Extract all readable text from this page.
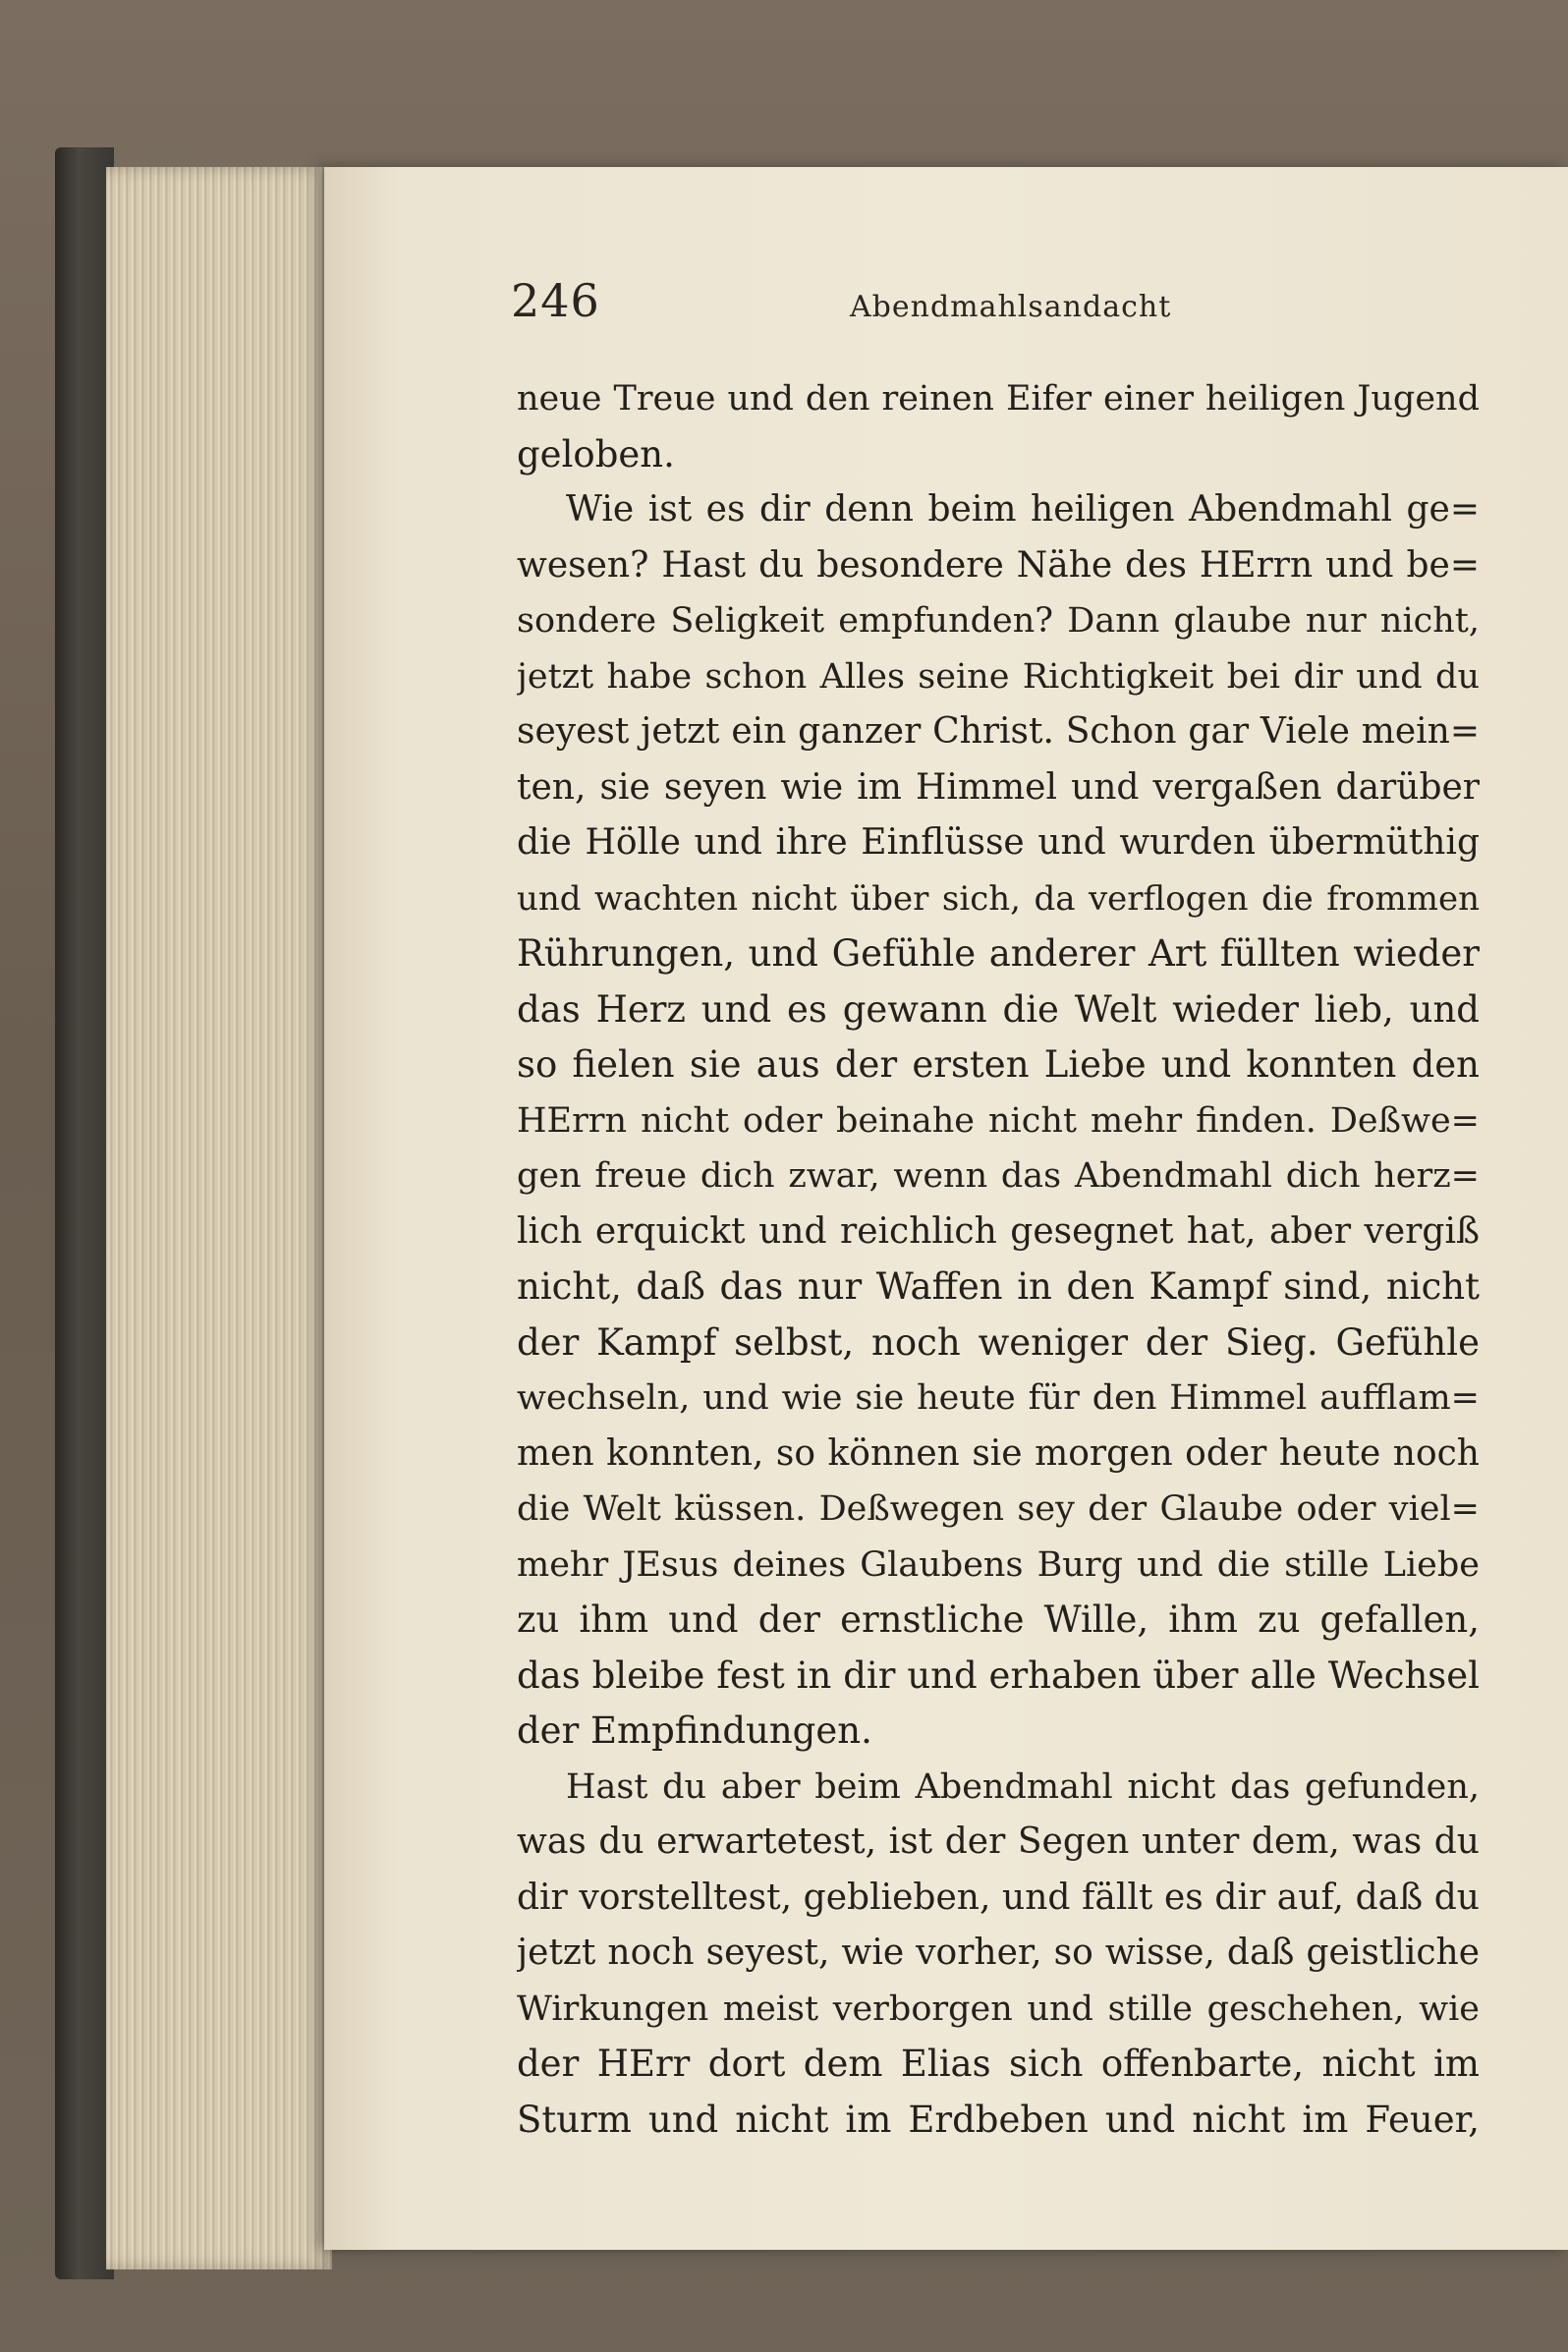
246	Abendmahlsandacht
neue Treue und den reinen Eifer einer heiligen Jugend
geloben.
Wie ist es dir denn beim heiligen Abendmahl ge=
wesen? Hast du besondere Nähe des HErrn und be=
sondere Seligkeit empfunden? Dann glaube nur nicht,
jetzt habe schon Alles seine Richtigkeit bei dir und du
seyest jetzt ein ganzer Christ. Schon gar Viele mein=
ten, sie seyen wie im Himmel und vergaßen darüber
die Hölle und ihre Einflüsse und wurden übermüthig
und wachten nicht über sich, da verflogen die frommen
Rührungen, und Gefühle anderer Art füllten wieder
das Herz und es gewann die Welt wieder lieb, und
so fielen sie aus der ersten Liebe und konnten den
HErrn nicht oder beinahe nicht mehr finden. Deßwe=
gen freue dich zwar, wenn das Abendmahl dich herz=
lich erquickt und reichlich gesegnet hat, aber vergiß
nicht, daß das nur Waffen in den Kampf sind, nicht
der Kampf selbst, noch weniger der Sieg. Gefühle
wechseln, und wie sie heute für den Himmel aufflam=
men konnten, so können sie morgen oder heute noch
die Welt küssen. Deßwegen sey der Glaube oder viel=
mehr JEsus deines Glaubens Burg und die stille Liebe
zu ihm und der ernstliche Wille, ihm zu gefallen,
das bleibe fest in dir und erhaben über alle Wechsel
der Empfindungen.
Hast du aber beim Abendmahl nicht das gefunden,
was du erwartetest, ist der Segen unter dem, was du
dir vorstelltest, geblieben, und fällt es dir auf, daß du
jetzt noch seyest, wie vorher, so wisse, daß geistliche
Wirkungen meist verborgen und stille geschehen, wie
der HErr dort dem Elias sich offenbarte, nicht im
Sturm und nicht im Erdbeben und nicht im Feuer,
